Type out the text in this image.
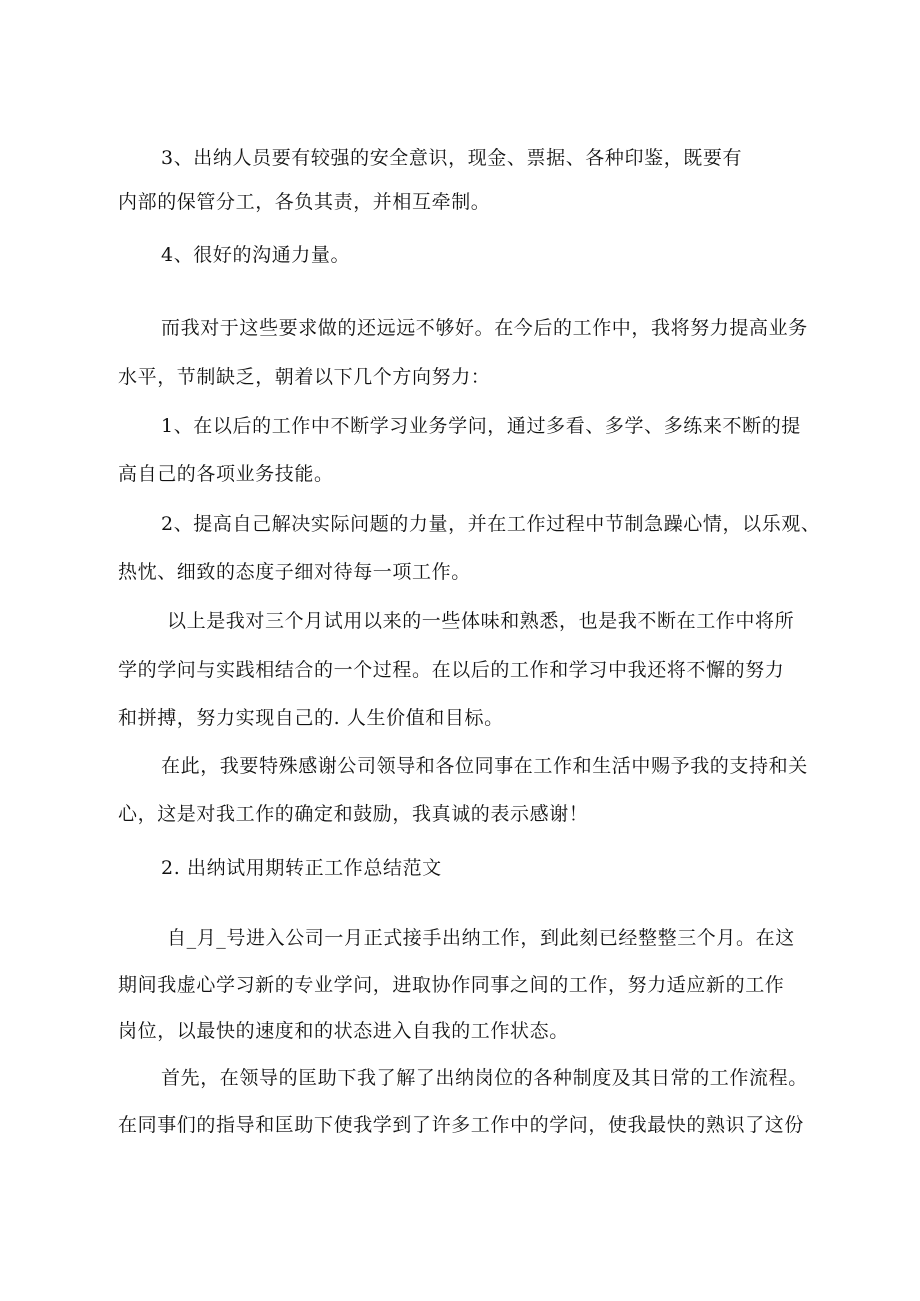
3、出纳人员要有较强的安全意识，现金、票据、各种印鉴，既要有
内部的保管分工，各负其责，并相互牵制。
4、很好的沟通力量。
而我对于这些要求做的还远远不够好。在今后的工作中，我将努力提高业务
水平，节制缺乏，朝着以下几个方向努力：
1、在以后的工作中不断学习业务学问，通过多看、多学、多练来不断的提
高自己的各项业务技能。
2、提高自己解决实际问题的力量，并在工作过程中节制急躁心情，以乐观、
热忱、细致的态度子细对待每一项工作。
以上是我对三个月试用以来的一些体味和熟悉，也是我不断在工作中将所
学的学问与实践相结合的一个过程。在以后的工作和学习中我还将不懈的努力
和拼搏，努力实现自己的. 人生价值和目标。
在此，我要特殊感谢公司领导和各位同事在工作和生活中赐予我的支持和关
心，这是对我工作的确定和鼓励，我真诚的表示感谢！
2. 出纳试用期转正工作总结范文
自_月_号进入公司一月正式接手出纳工作，到此刻已经整整三个月。在这
期间我虚心学习新的专业学问，进取协作同事之间的工作，努力适应新的工作
岗位，以最快的速度和的状态进入自我的工作状态。
首先，在领导的匡助下我了解了出纳岗位的各种制度及其日常的工作流程。
在同事们的指导和匡助下使我学到了许多工作中的学问，使我最快的熟识了这份
